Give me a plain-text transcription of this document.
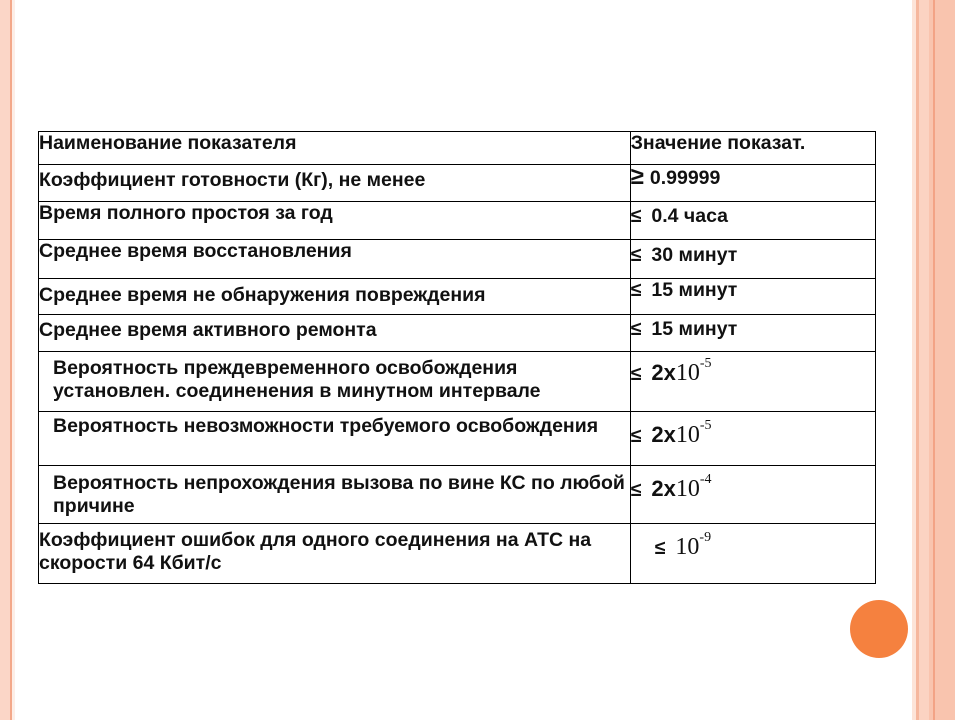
Наименование показателя	Значение показат.
Коэффициент готовности (Кг), не менее	≥ 0.99999
Время полного простоя за год	≤ 0.4 часа
Среднее время восстановления	≤ 30 минут
Среднее время не обнаружения повреждения	≤ 15 минут
Среднее время активного ремонта	≤ 15 минут
Вероятность преждевременного освобождения установлен. соединенения в минутном интервале	≤ $2x10^{-5}$
Вероятность невозможности требуемого освобождения	≤ $2x10^{-5}$
Вероятность непрохождения вызова по вине КС по любой причине	≤ $2x10^{-4}$
Коэффициент ошибок для одного соединения на АТС на скорости 64 Кбит/с	≤ $10^{-9}$
